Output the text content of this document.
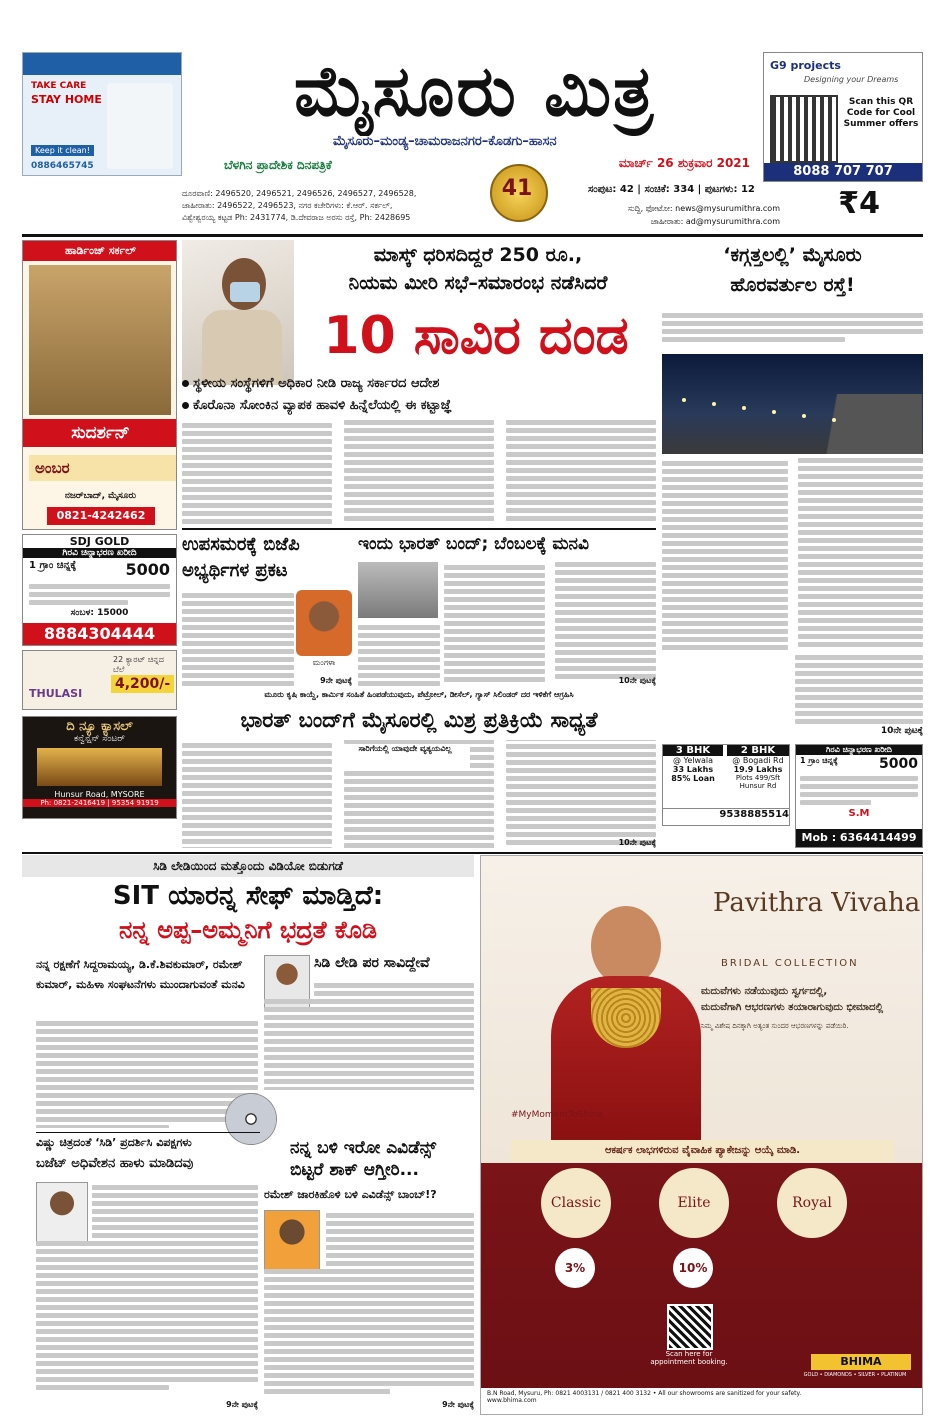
TAKE CARE
STAY HOME
Keep it clean!
0886465745
ಮೈಸೂರು ಮಿತ್ರ
ಮೈಸೂರು–ಮಂಡ್ಯ–ಚಾಮರಾಜನಗರ–ಕೊಡಗು–ಹಾಸನ
ಬೆಳಗಿನ ಪ್ರಾದೇಶಿಕ ದಿನಪತ್ರಿಕೆ	ಮಾರ್ಚ್ 26 ಶುಕ್ರವಾರ 2021
41
ದೂರವಾಣಿ: 2496520, 2496521, 2496526, 2496527, 2496528,
ಜಾಹೀರಾತು: 2496522, 2496523, ನಗರ ಕಚೇರಿಗಳು: ಕೆ.ಆರ್. ಸರ್ಕಲ್,
ವಿಶ್ವೇಶ್ವರಯ್ಯ ಕಟ್ಟಡ Ph: 2431774, ಡಿ.ದೇವರಾಜ ಅರಸು ರಸ್ತೆ, Ph: 2428695
ಸಂಪುಟ: 42 | ಸಂಚಿಕೆ: 334 | ಪುಟಗಳು: 12
ಸುದ್ದಿ, ಫೋಟೋ: news@mysurumithra.com
ಜಾಹೀರಾತು: ad@mysurumithra.com
₹4
G9 projects
Designing your Dreams
Scan this QR Code for Cool Summer offers
8088 707 707
ಹಾರ್ಡಿಂಜ್ ಸರ್ಕಲ್
ಸುದರ್ಶನ್
ಅಂಬರ
ನಜರ್‌ಬಾದ್, ಮೈಸೂರು
0821-4242462
SDJ GOLD
ಗಿರವಿ ಚಿನ್ನಾಭರಣ ಖರೀದಿ
1 ಗ್ರಾಂ ಚಿನ್ನಕ್ಕೆ	5000
ಸಂಬಳ: 15000
8884304444
THULASI
22 ಕ್ಯಾರಟ್ ಚಿನ್ನದ ಬೆಲೆ
4,200/-
ದಿ ನ್ಯೂ ಕ್ಯಾಸಲ್
ಕನ್ವೆನ್ಷನ್ ಸೆಂಟರ್
Hunsur Road, MYSORE
Ph: 0821-2416419 | 95354 91919
ಮಾಸ್ಕ್ ಧರಿಸದಿದ್ದರೆ 250 ರೂ.,
ನಿಯಮ ಮೀರಿ ಸಭೆ–ಸಮಾರಂಭ ನಡೆಸಿದರೆ
10 ಸಾವಿರ ದಂಡ
ಸ್ಥಳೀಯ ಸಂಸ್ಥೆಗಳಿಗೆ ಅಧಿಕಾರ ನೀಡಿ ರಾಜ್ಯ ಸರ್ಕಾರದ ಆದೇಶ
ಕೊರೊನಾ ಸೋಂಕಿನ ವ್ಯಾಪಕ ಹಾವಳಿ ಹಿನ್ನೆಲೆಯಲ್ಲಿ ಈ ಕಟ್ಟಾಜ್ಞೆ
‘ಕಗ್ಗತ್ತಲಲ್ಲಿ’ ಮೈಸೂರು
ಹೊರವರ್ತುಲ ರಸ್ತೆ!
10ನೇ ಪುಟಕ್ಕೆ
ಉಪಸಮರಕ್ಕೆ ಬಿಜೆಪಿ
ಅಭ್ಯರ್ಥಿಗಳ ಪ್ರಕಟ
ಮಂಗಳಾ
9ನೇ ಪುಟಕ್ಕೆ
ಇಂದು ಭಾರತ್ ಬಂದ್; ಬೆಂಬಲಕ್ಕೆ ಮನವಿ
10ನೇ ಪುಟಕ್ಕೆ
ಮೂರು ಕೃಷಿ ಕಾಯ್ದೆ, ಕಾರ್ಮಿಕ ಸಂಹಿತೆ ಹಿಂಪಡೆಯುವುದು, ಪೆಟ್ರೋಲ್, ಡೀಸೆಲ್, ಗ್ಯಾಸ್ ಸಿಲಿಂಡರ್ ದರ ಇಳಿಕೆಗೆ ಆಗ್ರಹಿಸಿ
ಭಾರತ್ ಬಂದ್‌ಗೆ ಮೈಸೂರಲ್ಲಿ ಮಿಶ್ರ ಪ್ರತಿಕ್ರಿಯೆ ಸಾಧ್ಯತೆ
ಸಾರಿಗೆಯಲ್ಲಿ ಯಾವುದೇ ವ್ಯತ್ಯಯವಿಲ್ಲ
10ನೇ ಪುಟಕ್ಕೆ
3 BHK
@ Yelwala
33 Lakhs
85% Loan
2 BHK
@ Bogadi Rd
19.9 Lakhs
Plots 499/Sft Hunsur Rd
9538885514
ಗಿರವಿ ಚಿನ್ನಾಭರಣ ಖರೀದಿ
1 ಗ್ರಾಂ ಚಿನ್ನಕ್ಕೆ	5000
S.M
Mob : 6364414499
ಸಿಡಿ ಲೇಡಿಯಿಂದ ಮತ್ತೊಂದು ವಿಡಿಯೋ ಬಿಡುಗಡೆ
SIT ಯಾರನ್ನ ಸೇಫ್ ಮಾಡ್ತಿದೆ:
ನನ್ನ ಅಪ್ಪ–ಅಮ್ಮನಿಗೆ ಭದ್ರತೆ ಕೊಡಿ
ನನ್ನ ರಕ್ಷಣೆಗೆ ಸಿದ್ದರಾಮಯ್ಯ, ಡಿ.ಕೆ.ಶಿವಕುಮಾರ್, ರಮೇಶ್ ಕುಮಾರ್, ಮಹಿಳಾ ಸಂಘಟನೆಗಳು ಮುಂದಾಗುವಂತೆ ಮನವಿ
ಸಿಡಿ ಲೇಡಿ ಪರ ಸಾವಿದ್ದೇವೆ
ವಿಷ್ಣು ಚಿತ್ರದಂತೆ ‘ಸಿಡಿ’ ಪ್ರದರ್ಶಿಸಿ ವಿಪಕ್ಷಗಳು
ಬಜೆಟ್ ಅಧಿವೇಶನ ಹಾಳು ಮಾಡಿದವು
9ನೇ ಪುಟಕ್ಕೆ
ನನ್ನ ಬಳಿ ಇರೋ ಎವಿಡೆನ್ಸ್
ಬಿಟ್ಟರೆ ಶಾಕ್ ಆಗ್ತೀರಿ...
ರಮೇಶ್ ಜಾರಕಿಹೊಳಿ ಬಳಿ ಎವಿಡೆನ್ಸ್ ಬಾಂಬ್!?
9ನೇ ಪುಟಕ್ಕೆ
Pavithra Vivaha
BRIDAL COLLECTION
ಮದುವೆಗಳು ನಡೆಯುವುದು ಸ್ವರ್ಗದಲ್ಲಿ,
ಮದುವೆಗಾಗಿ ಆಭರಣಗಳು ತಯಾರಾಗುವುದು ಭೀಮಾದಲ್ಲಿ
ನಿಮ್ಮ ವಿಶೇಷ ದಿನಕ್ಕಾಗಿ ಅತ್ಯಂತ ಸುಂದರ ಆಭರಣಗಳನ್ನು ಪಡೆಯಿರಿ.
#MyMomentToShine
ಆಕರ್ಷಕ ಲಾಭಗಳಿರುವ ವೈವಾಹಿಕ ಪ್ಯಾಕೇಜನ್ನು ಆಯ್ಕೆ ಮಾಡಿ.
Classic	Elite	Royal
3%	10%
Scan here for appointment booking.	BHIMA
GOLD • DIAMONDS • SILVER • PLATINUM
B.N Road, Mysuru, Ph: 0821 4003131 / 0821 400 3132 • All our showrooms are sanitized for your safety.
www.bhima.com
